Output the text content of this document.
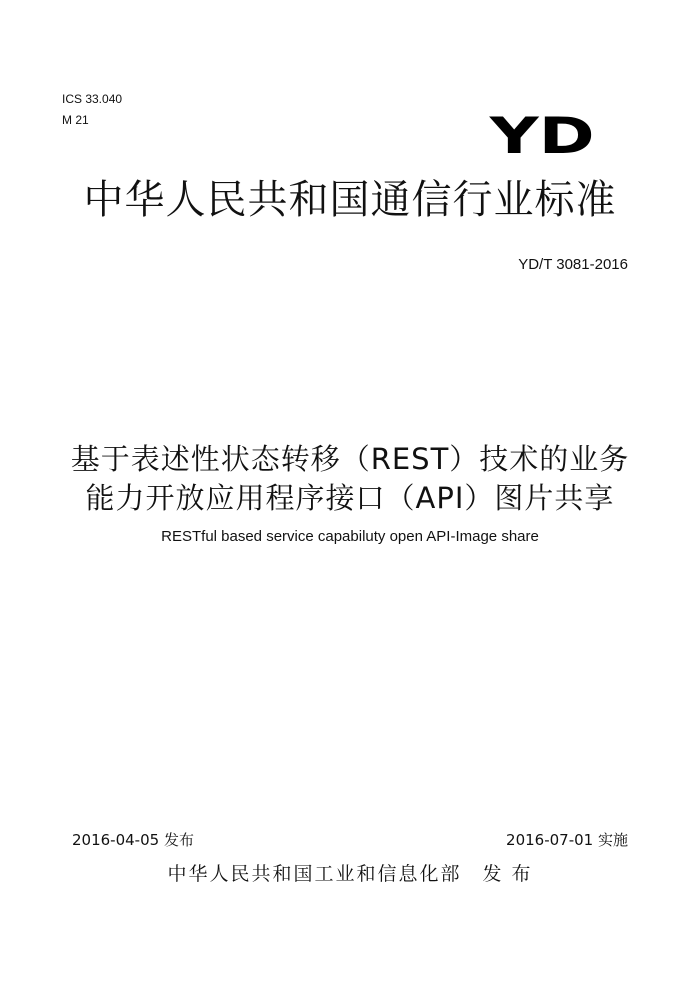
ICS 33.040
M 21	YD
中华人民共和国通信行业标准
YD/T 3081-2016
基于表述性状态转移（REST）技术的业务
能力开放应用程序接口（API）图片共享
RESTful based service capabiluty open API-Image share
2016-04-05 发布	2016-07-01 实施
中华人民共和国工业和信息化部　发 布
